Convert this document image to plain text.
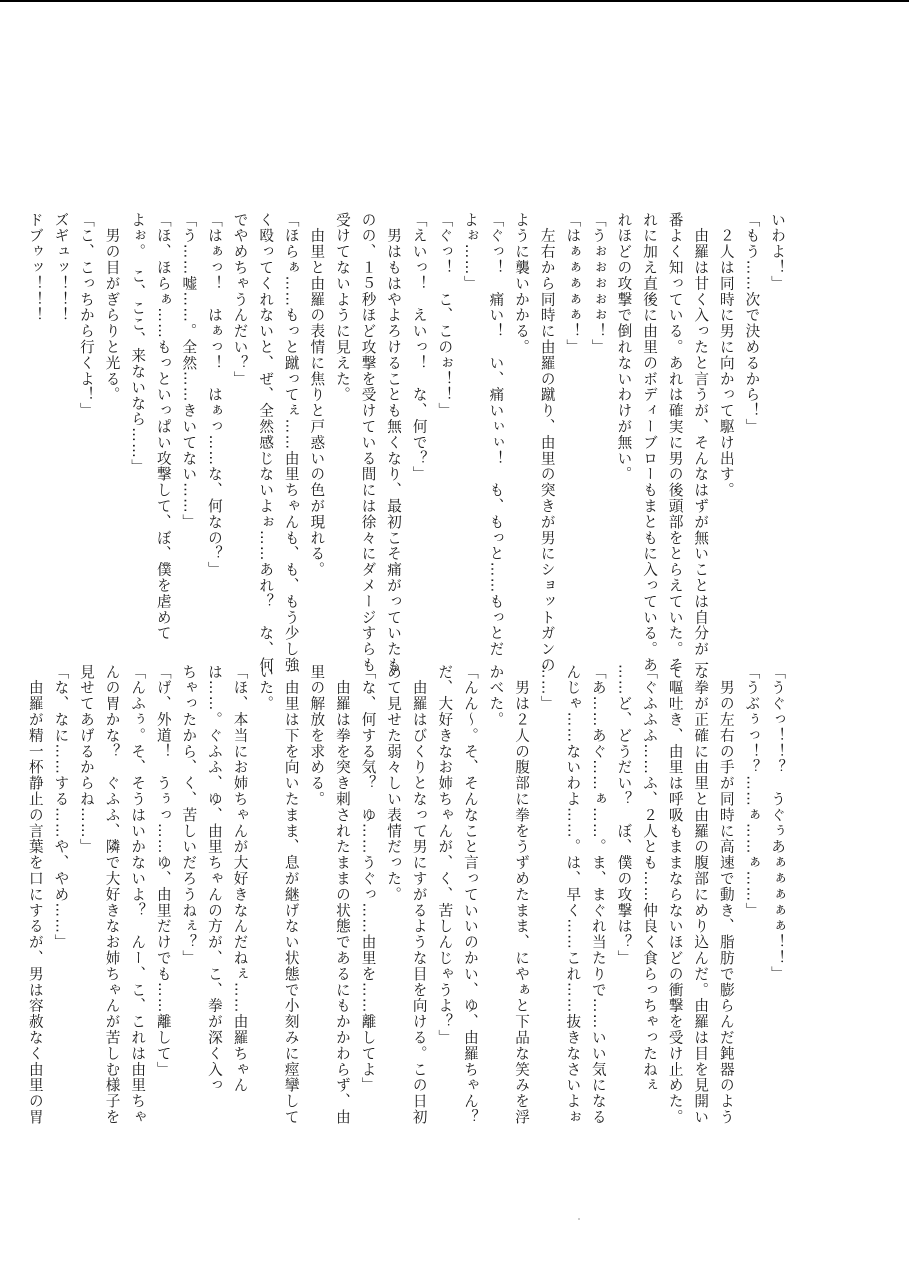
いわよ！」

「もう……次で決めるから！」

　２人は同時に男に向かって駆け出す。

　由羅は甘く入ったと言うが、そんなはずが無いことは自分が一

番よく知っている。あれは確実に男の後頭部をとらえていた。そ

れに加え直後に由里のボディーブローもまともに入っている。あ

れほどの攻撃で倒れないわけが無い。

「うぉぉぉぉぉ！」

「はぁぁぁぁぁ！」

　左右から同時に由羅の蹴り、由里の突きが男にショットガンの

ように襲いかかる。

「ぐっ！　痛い！　い、痛いぃぃ！　も、もっと……もっとだ

よぉ……」

「ぐっ！　こ、このぉ！！」

「えいっ！　えいっ！　な、何で？」

　男はもはやよろけることも無くなり、最初こそ痛がっていたも

のの、１５秒ほど攻撃を受けている間には徐々にダメージすらも

受けてないように見えた。

　由里と由羅の表情に焦りと戸惑いの色が現れる。

「ほらぁ……もっと蹴ってぇ……由里ちゃんも、も、もう少し強

く殴ってくれないと、ぜ、全然感じないよぉ……あれ？　な、何

でやめちゃうんだい？」

「はぁっ！　はぁっ！　はぁっ……な、何なの？」

「う……嘘……。全然……きいてない……」

「ほ、ほらぁ……もっといっぱい攻撃して、ぼ、僕を虐めて

よぉ。　こ、ここ、来ないなら……」

　男の目がぎらりと光る。

「こ、こっちから行くよ！」

ズギュッ！！！

ドブゥッ！！！

「うぐっ！！？　うぐぅあぁぁぁぁぁ！！」

「うぶぅっ！？……ぁ……ぁ……」

　男の左右の手が同時に高速で動き、脂肪で膨らんだ鈍器のよう

な拳が正確に由里と由羅の腹部にめり込んだ。由羅は目を見開い

て嘔吐き、由里は呼吸もままならないほどの衝撃を受け止めた。

「ぐふふふ……ふ、２人とも……仲良く食らっちゃったねぇ

……ど、どうだい？　ぼ、僕の攻撃は？」

「あ……あぐ……ぁ……。ま、まぐれ当たりで……いい気になる

んじゃ……ないわよ……。は、早く……これ……抜きなさいよぉ

……」

　男は２人の腹部に拳をうずめたまま、にやぁと下品な笑みを浮

かべた。

「んん～。そ、そんなこと言っていいのかい、ゆ、由羅ちゃん？

だ、大好きなお姉ちゃんが、く、苦しんじゃうよ？」

　由羅はびくりとなって男にすがるような目を向ける。この日初

めて見せた弱々しい表情だった。

「な、何する気？　ゆ……うぐっ……由里を……離してよ」

　由羅は拳を突き刺されたままの状態であるにもかかわらず、由

里の解放を求める。

　由里は下を向いたまま、息が継げない状態で小刻みに痙攣して

いた。

「ほ、本当にお姉ちゃんが大好きなんだねぇ……由羅ちゃん

は……。ぐふふ、ゆ、由里ちゃんの方が、こ、拳が深く入っ

ちゃったから、く、苦しいだろうねぇ？」

「げ、外道！　うぅっ……ゆ、由里だけでも……離して」

「んふぅ。そ、そうはいかないよ？　んー、こ、これは由里ちゃ

んの胃かな？　ぐふふ、隣で大好きなお姉ちゃんが苦しむ様子を

見せてあげるからね……」

「な、なに……する……や、やめ……」

　由羅が精一杯静止の言葉を口にするが、男は容赦なく由里の胃
